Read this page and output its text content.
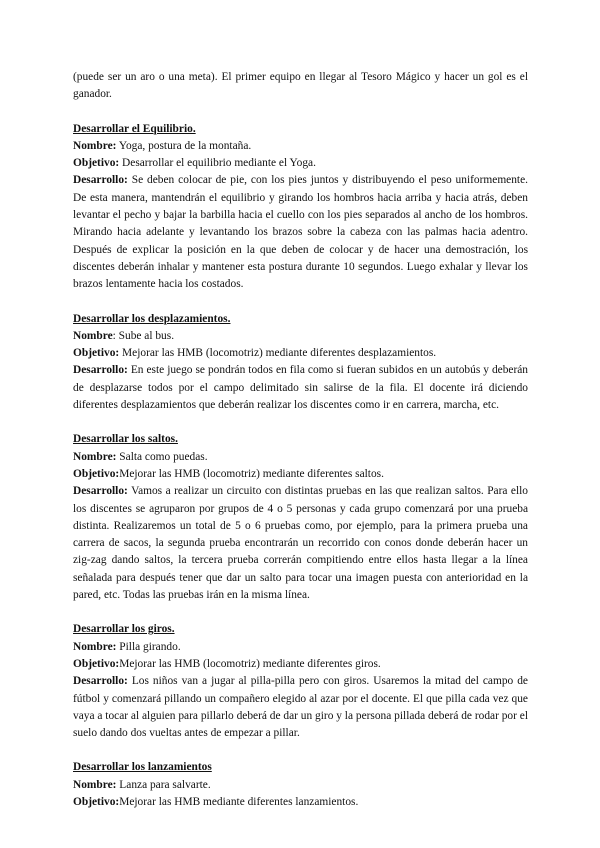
(puede ser un aro o una meta). El primer equipo en llegar al Tesoro Mágico y hacer un gol es el ganador.

Desarrollar el Equilibrio.

Nombre: Yoga, postura de la montaña.

Objetivo: Desarrollar el equilibrio mediante el Yoga.

Desarrollo: Se deben colocar de pie, con los pies juntos y distribuyendo el peso uniformemente. De esta manera, mantendrán el equilibrio y girando los hombros hacia arriba y hacia atrás, deben levantar el pecho y bajar la barbilla hacia el cuello con los pies separados al ancho de los hombros. Mirando hacia adelante y levantando los brazos sobre la cabeza con las palmas hacia adentro. Después de explicar la posición en la que deben de colocar y de hacer una demostración, los discentes deberán inhalar y mantener esta postura durante 10 segundos. Luego exhalar y llevar los brazos lentamente hacia los costados.

Desarrollar los desplazamientos.

Nombre: Sube al bus.

Objetivo: Mejorar las HMB (locomotriz) mediante diferentes desplazamientos.

Desarrollo: En este juego se pondrán todos en fila como si fueran subidos en un autobús y deberán de desplazarse todos por el campo delimitado sin salirse de la fila. El docente irá diciendo diferentes desplazamientos que deberán realizar los discentes como ir en carrera, marcha, etc.

Desarrollar los saltos.

Nombre: Salta como puedas.

Objetivo:Mejorar las HMB (locomotriz) mediante diferentes saltos.

Desarrollo: Vamos a realizar un circuito con distintas pruebas en las que realizan saltos. Para ello los discentes se agruparon por grupos de 4 o 5 personas y cada grupo comenzará por una prueba distinta. Realizaremos un total de 5 o 6 pruebas como, por ejemplo, para la primera prueba una carrera de sacos, la segunda prueba encontrarán un recorrido con conos donde deberán hacer un zig-zag dando saltos, la tercera prueba correrán compitiendo entre ellos hasta llegar a la línea señalada para después tener que dar un salto para tocar una imagen puesta con anterioridad en la pared, etc. Todas las pruebas irán en la misma línea.

Desarrollar los giros.

Nombre: Pilla girando.

Objetivo:Mejorar las HMB (locomotriz) mediante diferentes giros.

Desarrollo: Los niños van a jugar al pilla-pilla pero con giros. Usaremos la mitad del campo de fútbol y comenzará pillando un compañero elegido al azar por el docente. El que pilla cada vez que vaya a tocar al alguien para pillarlo deberá de dar un giro y la persona pillada deberá de rodar por el suelo dando dos vueltas antes de empezar a pillar.

Desarrollar los lanzamientos

Nombre: Lanza para salvarte.

Objetivo:Mejorar las HMB mediante diferentes lanzamientos.
